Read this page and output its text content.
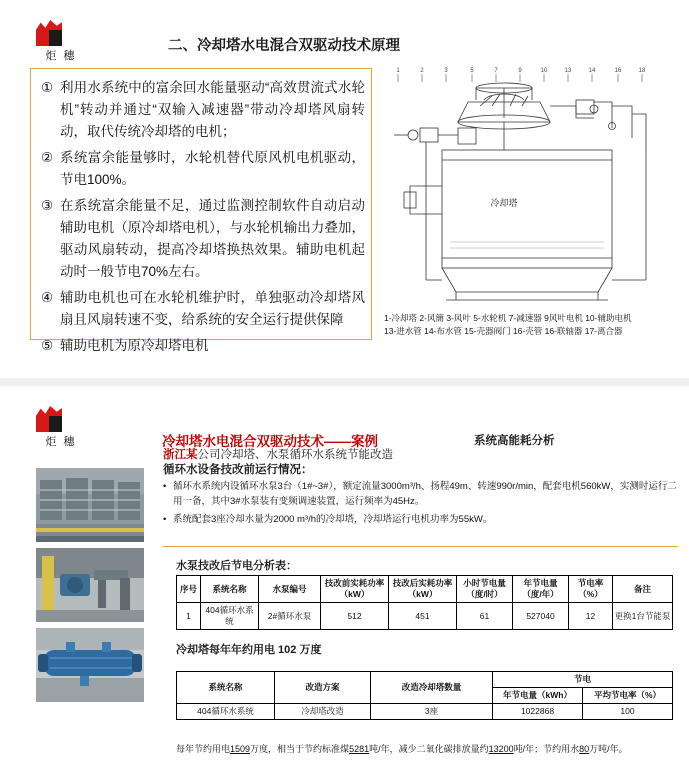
炬 穗
二、冷却塔水电混合双驱动技术原理
① 利用水系统中的富余回水能量驱动“高效贯流式水轮机”转动并通过“双输入减速器”带动冷却塔风扇转动，取代传统冷却塔的电机；
② 系统富余能量够时，水轮机替代原风机电机驱动，节电100%。
③ 在系统富余能量不足，通过监测控制软件自动启动辅助电机（原冷却塔电机），与水轮机输出力叠加，驱动风扇转动，提高冷却塔换热效果。辅助电机起动时一般节电70%左右。
④ 辅助电机也可在水轮机维护时，单独驱动冷却塔风扇且风扇转速不变，给系统的安全运行提供保障
⑤ 辅助电机为原冷却塔电机
1	2	3	5	7	9	10	13	14	16	18
冷却塔
1-冷却塔 2-风簡 3-风叶 5-水轮机 7-减速器 9风叶电机 10-辅助电机
13-进水管 14-布水管 15-壳器阀门 16-壳管 16-联轴器 17-离合器
炬 穗	冷却塔水电混合双驱动技术——案例	系统高能耗分析
浙江某公司冷却塔、水泵循环水系统节能改造
循环水设备技改前运行情况：
• 循环水系统内设循环水泵3台（1#~3#），额定流量3000m³/h、扬程49m、转速990r/min，配套电机560kW，实测时运行二用一备，其中3#水泵装有变频调速装置，运行频率为45Hz。
• 系统配套3座冷却水量为2000 m³/h的冷却塔，冷却塔运行电机功率为55kW。
水泵技改后节电分析表：
序号	系统名称	水泵编号	技改前实耗功率（kW）	技改后实耗功率（kW）	小时节电量（度/时）	年节电量（度/年）	节电率（%）	备注
1	404循环水系统	2#循环水泵	512	451	61	527040	12	更换1台节能泵
冷却塔每年年约用电 102 万度
系统名称	改造方案	改造冷却塔数量	节电	
			年节电量（kWh）	平均节电率（%）
404循环水系统	冷却塔改造	3座	1022868	100
每年节约用电1509万度，相当于节约标准煤5281吨/年，减少二氧化碳排放量约13200吨/年；节约用水80万吨/年。
